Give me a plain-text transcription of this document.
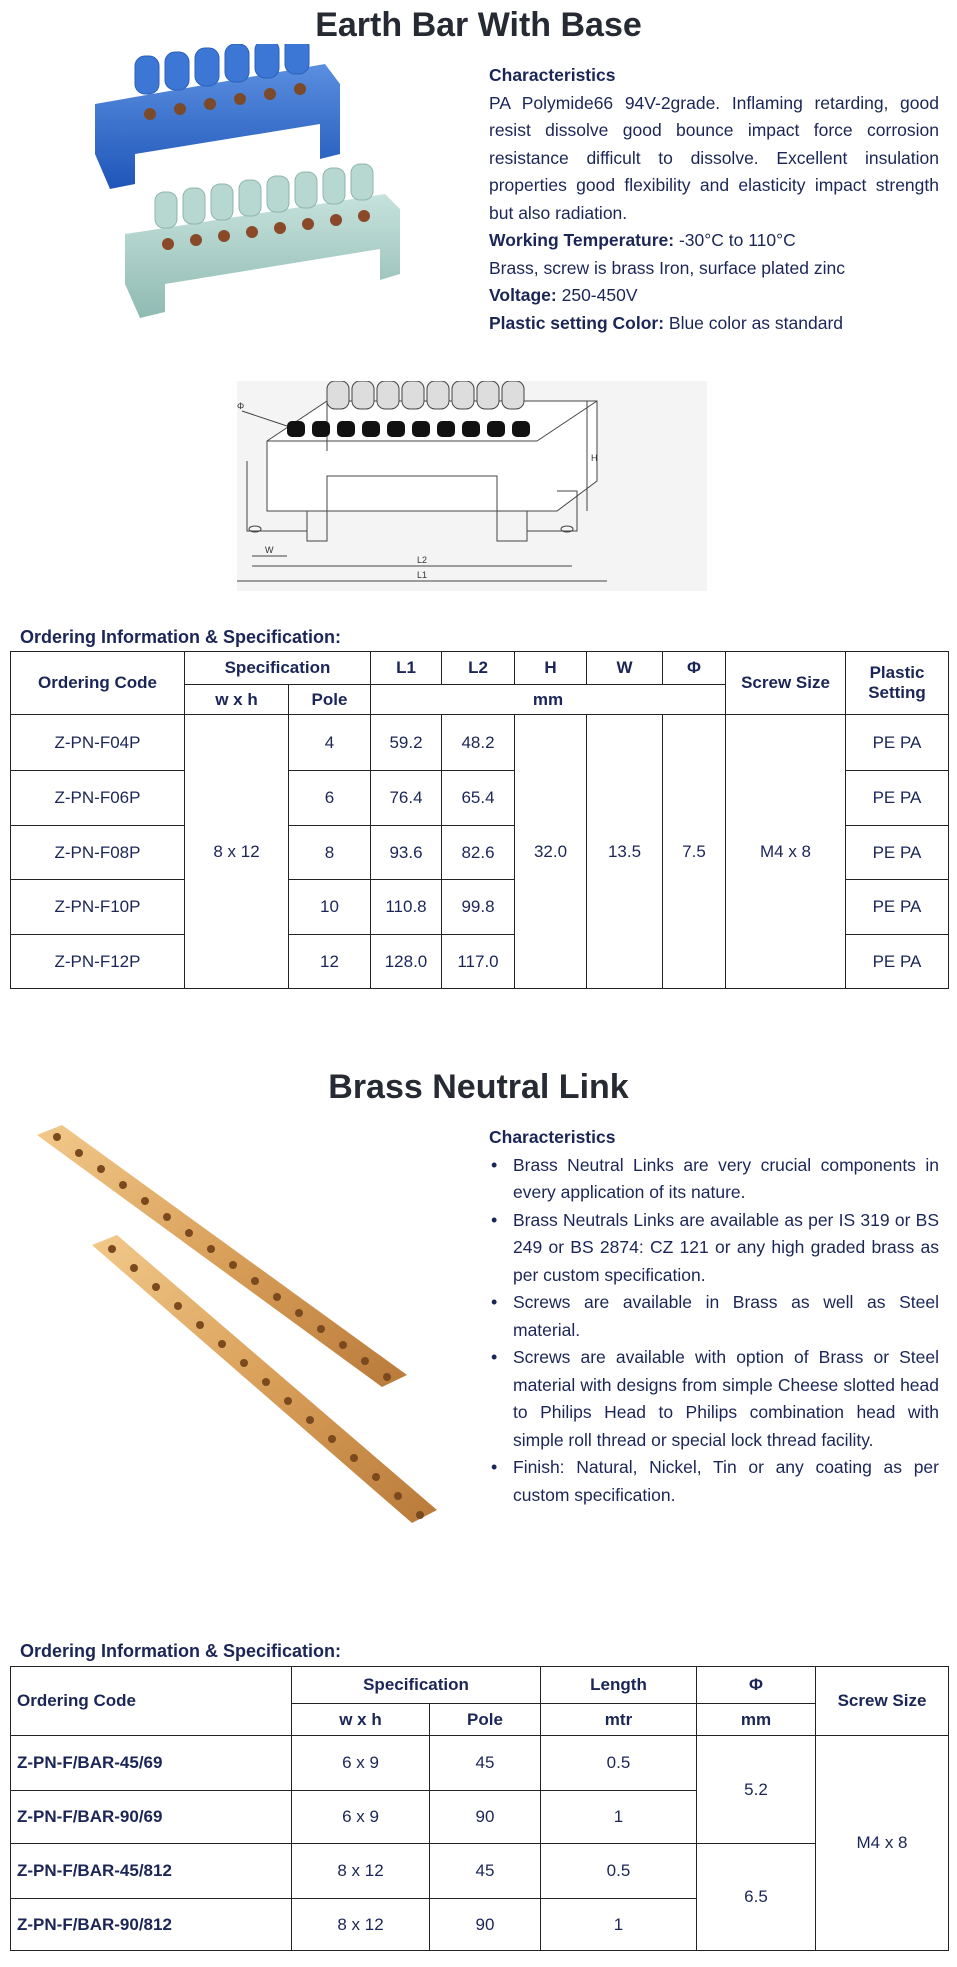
Earth Bar With Base
Characteristics
PA Polymide66 94V-2grade. Inflaming retarding, good resist dissolve good bounce impact force corrosion resistance difficult to dissolve. Excellent insulation properties good flexibility and elasticity impact strength but also radiation.
Working Temperature: -30°C to 110°C
Brass, screw is brass Iron, surface plated zinc
Voltage: 250-450V
Plastic setting Color: Blue color as standard
Φ
H
W
L2
L1
Ordering Information & Specification:
Ordering Code	Specification		L1	L2	H	W	Φ	Screw Size	Plastic Setting
	w x h	Pole	mm						
Z-PN-F04P	8 x 12	4	59.2	48.2	32.0	13.5	7.5	M4 x 8	PE PA
Z-PN-F06P		6	76.4	65.4					PE PA
Z-PN-F08P		8	93.6	82.6					PE PA
Z-PN-F10P		10	110.8	99.8					PE PA
Z-PN-F12P		12	128.0	117.0					PE PA
Brass Neutral Link
Characteristics
• Brass Neutral Links are very crucial components in every application of its nature.
• Brass Neutrals Links are available as per IS 319 or BS 249 or BS 2874: CZ 121 or any high graded brass as per custom specification.
• Screws are available in Brass as well as Steel material.
• Screws are available with option of Brass or Steel material with designs from simple Cheese slotted head to Philips Head to Philips combination head with simple roll thread or special lock thread facility.
• Finish: Natural, Nickel, Tin or any coating as per custom specification.
Ordering Information & Specification:
Ordering Code	Specification		Length	Φ	Screw Size
	w x h	Pole	mtr	mm	
Z-PN-F/BAR-45/69	6 x 9	45	0.5	5.2	M4 x 8
Z-PN-F/BAR-90/69	6 x 9	90	1		
Z-PN-F/BAR-45/812	8 x 12	45	0.5	6.5	
Z-PN-F/BAR-90/812	8 x 12	90	1		
